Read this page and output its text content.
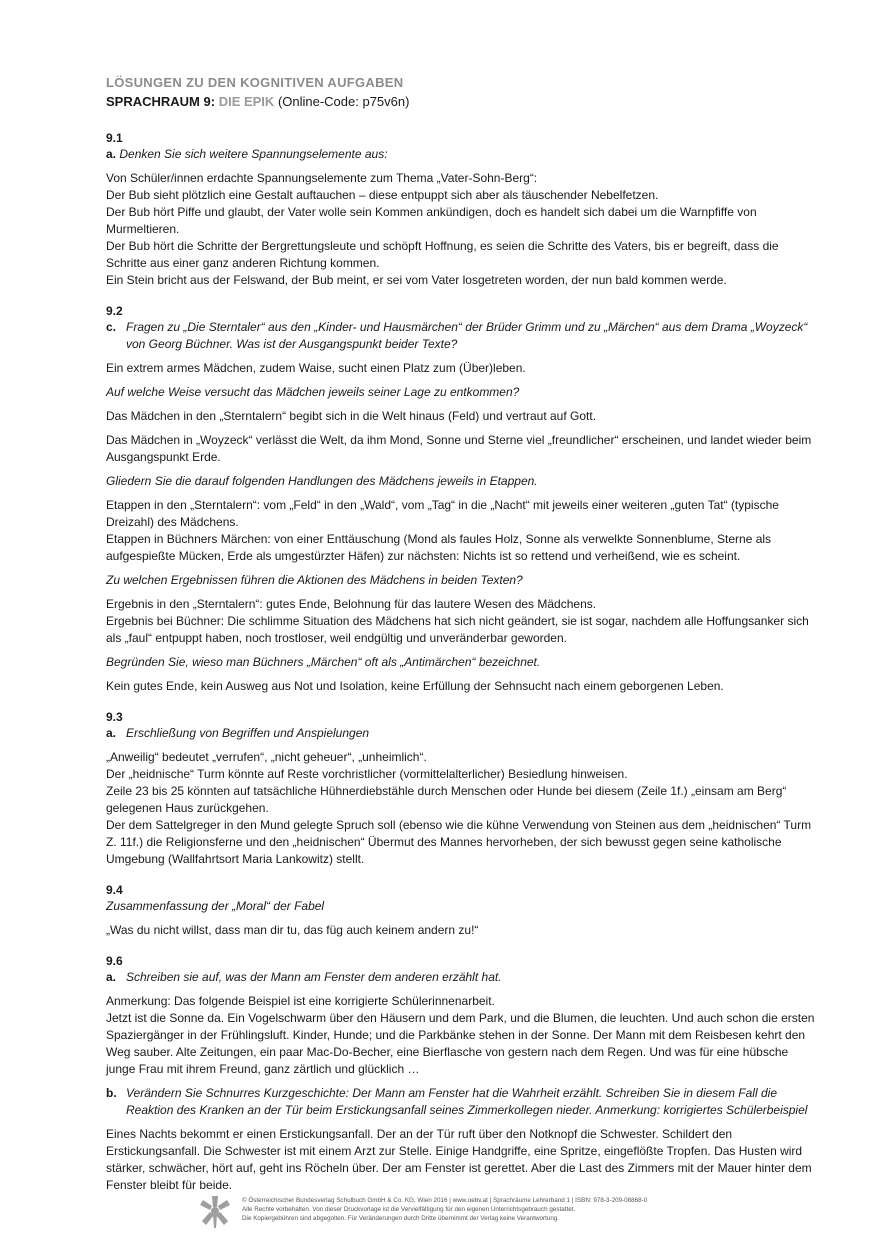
LÖSUNGEN ZU DEN KOGNITIVEN AUFGABEN

SPRACHRAUM 9: DIE EPIK (Online-Code: p75v6n)

9.1

a. Denken Sie sich weitere Spannungselemente aus:

Von Schüler/innen erdachte Spannungselemente zum Thema „Vater-Sohn-Berg“:

Der Bub sieht plötzlich eine Gestalt auftauchen – diese entpuppt sich aber als täuschender Nebelfetzen.

Der Bub hört Piffe und glaubt, der Vater wolle sein Kommen ankündigen, doch es handelt sich dabei um die Warnpfiffe von Murmeltieren.

Der Bub hört die Schritte der Bergrettungsleute und schöpft Hoffnung, es seien die Schritte des Vaters, bis er begreift, dass die Schritte aus einer ganz anderen Richtung kommen.

Ein Stein bricht aus der Felswand, der Bub meint, er sei vom Vater losgetreten worden, der nun bald kommen werde.

9.2

c. Fragen zu „Die Sterntaler“ aus den „Kinder- und Hausmärchen“ der Brüder Grimm und zu „Märchen“ aus dem Drama „Woyzeck“ von Georg Büchner. Was ist der Ausgangspunkt beider Texte?

Ein extrem armes Mädchen, zudem Waise, sucht einen Platz zum (Über)leben.

Auf welche Weise versucht das Mädchen jeweils seiner Lage zu entkommen?

Das Mädchen in den „Sterntalern“ begibt sich in die Welt hinaus (Feld) und vertraut auf Gott.

Das Mädchen in „Woyzeck“ verlässt die Welt, da ihm Mond, Sonne und Sterne viel „freundlicher“ erscheinen, und landet wieder beim Ausgangspunkt Erde.

Gliedern Sie die darauf folgenden Handlungen des Mädchens jeweils in Etappen.

Etappen in den „Sterntalern“: vom „Feld“ in den „Wald“, vom „Tag“ in die „Nacht“ mit jeweils einer weiteren „guten Tat“ (typische Dreizahl) des Mädchens.

Etappen in Büchners Märchen: von einer Enttäuschung (Mond als faules Holz, Sonne als verwelkte Sonnenblume, Sterne als aufgespießte Mücken, Erde als umgestürzter Häfen) zur nächsten: Nichts ist so rettend und verheißend, wie es scheint.

Zu welchen Ergebnissen führen die Aktionen des Mädchens in beiden Texten?

Ergebnis in den „Sterntalern“: gutes Ende, Belohnung für das lautere Wesen des Mädchens.

Ergebnis bei Büchner: Die schlimme Situation des Mädchens hat sich nicht geändert, sie ist sogar, nachdem alle Hoffungsanker sich als „faul“ entpuppt haben, noch trostloser, weil endgültig und unveränderbar geworden.

Begründen Sie, wieso man Büchners „Märchen“ oft als „Antimärchen“ bezeichnet.

Kein gutes Ende, kein Ausweg aus Not und Isolation, keine Erfüllung der Sehnsucht nach einem geborgenen Leben.

9.3

a. Erschließung von Begriffen und Anspielungen

„Anweilig“ bedeutet „verrufen“, „nicht geheuer“, „unheimlich“.

Der „heidnische“ Turm könnte auf Reste vorchristlicher (vormittelalterlicher) Besiedlung hinweisen.

Zeile 23 bis 25 könnten auf tatsächliche Hühnerdiebstähle durch Menschen oder Hunde bei diesem (Zeile 1f.) „einsam am Berg“ gelegenen Haus zurückgehen.

Der dem Sattelgreger in den Mund gelegte Spruch soll (ebenso wie die kühne Verwendung von Steinen aus dem „heidnischen“ Turm Z. 11f.) die Religionsferne und den „heidnischen“ Übermut des Mannes hervorheben, der sich bewusst gegen seine katholische Umgebung (Wallfahrtsort Maria Lankowitz) stellt.

9.4

Zusammenfassung der „Moral“ der Fabel

„Was du nicht willst, dass man dir tu, das füg auch keinem andern zu!“

9.6

a. Schreiben sie auf, was der Mann am Fenster dem anderen erzählt hat.

Anmerkung: Das folgende Beispiel ist eine korrigierte Schülerinnenarbeit.

Jetzt ist die Sonne da. Ein Vogelschwarm über den Häusern und dem Park, und die Blumen, die leuchten. Und auch schon die ersten Spaziergänger in der Frühlingsluft. Kinder, Hunde; und die Parkbänke stehen in der Sonne. Der Mann mit dem Reisbesen kehrt den Weg sauber. Alte Zeitungen, ein paar Mac-Do-Becher, eine Bierflasche von gestern nach dem Regen. Und was für eine hübsche junge Frau mit ihrem Freund, ganz zärtlich und glücklich …

b. Verändern Sie Schnurres Kurzgeschichte: Der Mann am Fenster hat die Wahrheit erzählt. Schreiben Sie in diesem Fall die Reaktion des Kranken an der Tür beim Erstickungsanfall seines Zimmerkollegen nieder. Anmerkung: korrigiertes Schülerbeispiel

Eines Nachts bekommt er einen Erstickungsanfall. Der an der Tür ruft über den Notknopf die Schwester. Schildert den Erstickungsanfall. Die Schwester ist mit einem Arzt zur Stelle. Einige Handgriffe, eine Spritze, eingeflößte Tropfen. Das Husten wird stärker, schwächer, hört auf, geht ins Röcheln über. Der am Fenster ist gerettet. Aber die Last des Zimmers mit der Mauer hinter dem Fenster bleibt für beide.

© Österreichischer Bundesverlag Schulbuch GmbH & Co. KG, Wien 2016 | www.oebv.at | Sprachräume Lehrerband 1 | ISBN: 978-3-209-08868-0
Alle Rechte vorbehalten. Von dieser Druckvorlage ist die Vervielfältigung für den eigenen Unterrichtsgebrauch gestattet.
Die Kopiergebühren sind abgegolten. Für Veränderungen durch Dritte übernimmt der Verlag keine Verantwortung.
